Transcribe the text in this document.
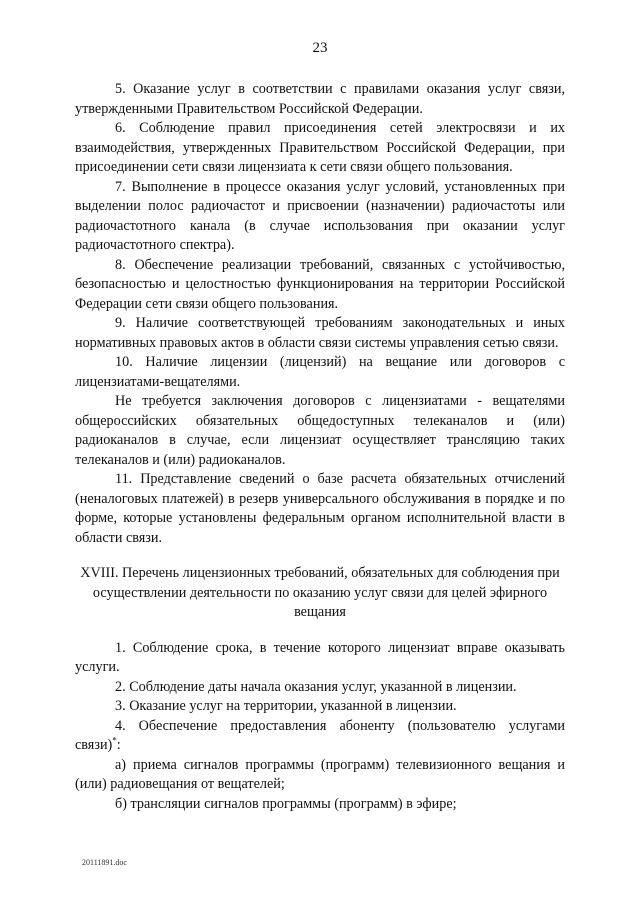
23

5. Оказание услуг в соответствии с правилами оказания услуг связи, утвержденными Правительством Российской Федерации.

6. Соблюдение правил присоединения сетей электросвязи и их взаимодействия, утвержденных Правительством Российской Федерации, при присоединении сети связи лицензиата к сети связи общего пользования.

7. Выполнение в процессе оказания услуг условий, установленных при выделении полос радиочастот и присвоении (назначении) радиочастоты или радиочастотного канала (в случае использования при оказании услуг радиочастотного спектра).

8. Обеспечение реализации требований, связанных с устойчивостью, безопасностью и целостностью функционирования на территории Российской Федерации сети связи общего пользования.

9. Наличие соответствующей требованиям законодательных и иных нормативных правовых актов в области связи системы управления сетью связи.

10. Наличие лицензии (лицензий) на вещание или договоров с лицензиатами-вещателями.

Не требуется заключения договоров с лицензиатами - вещателями общероссийских обязательных общедоступных телеканалов и (или) радиоканалов в случае, если лицензиат осуществляет трансляцию таких телеканалов и (или) радиоканалов.

11. Представление сведений о базе расчета обязательных отчислений (неналоговых платежей) в резерв универсального обслуживания в порядке и по форме, которые установлены федеральным органом исполнительной власти в области связи.

XVIII. Перечень лицензионных требований, обязательных для соблюдения при осуществлении деятельности по оказанию услуг связи для целей эфирного вещания

1. Соблюдение срока, в течение которого лицензиат вправе оказывать услуги.

2. Соблюдение даты начала оказания услуг, указанной в лицензии.

3. Оказание услуг на территории, указанной в лицензии.

4. Обеспечение предоставления абоненту (пользователю услугами связи)*:

а) приема сигналов программы (программ) телевизионного вещания и (или) радиовещания от вещателей;

б) трансляции сигналов программы (программ) в эфире;

20111891.doc
